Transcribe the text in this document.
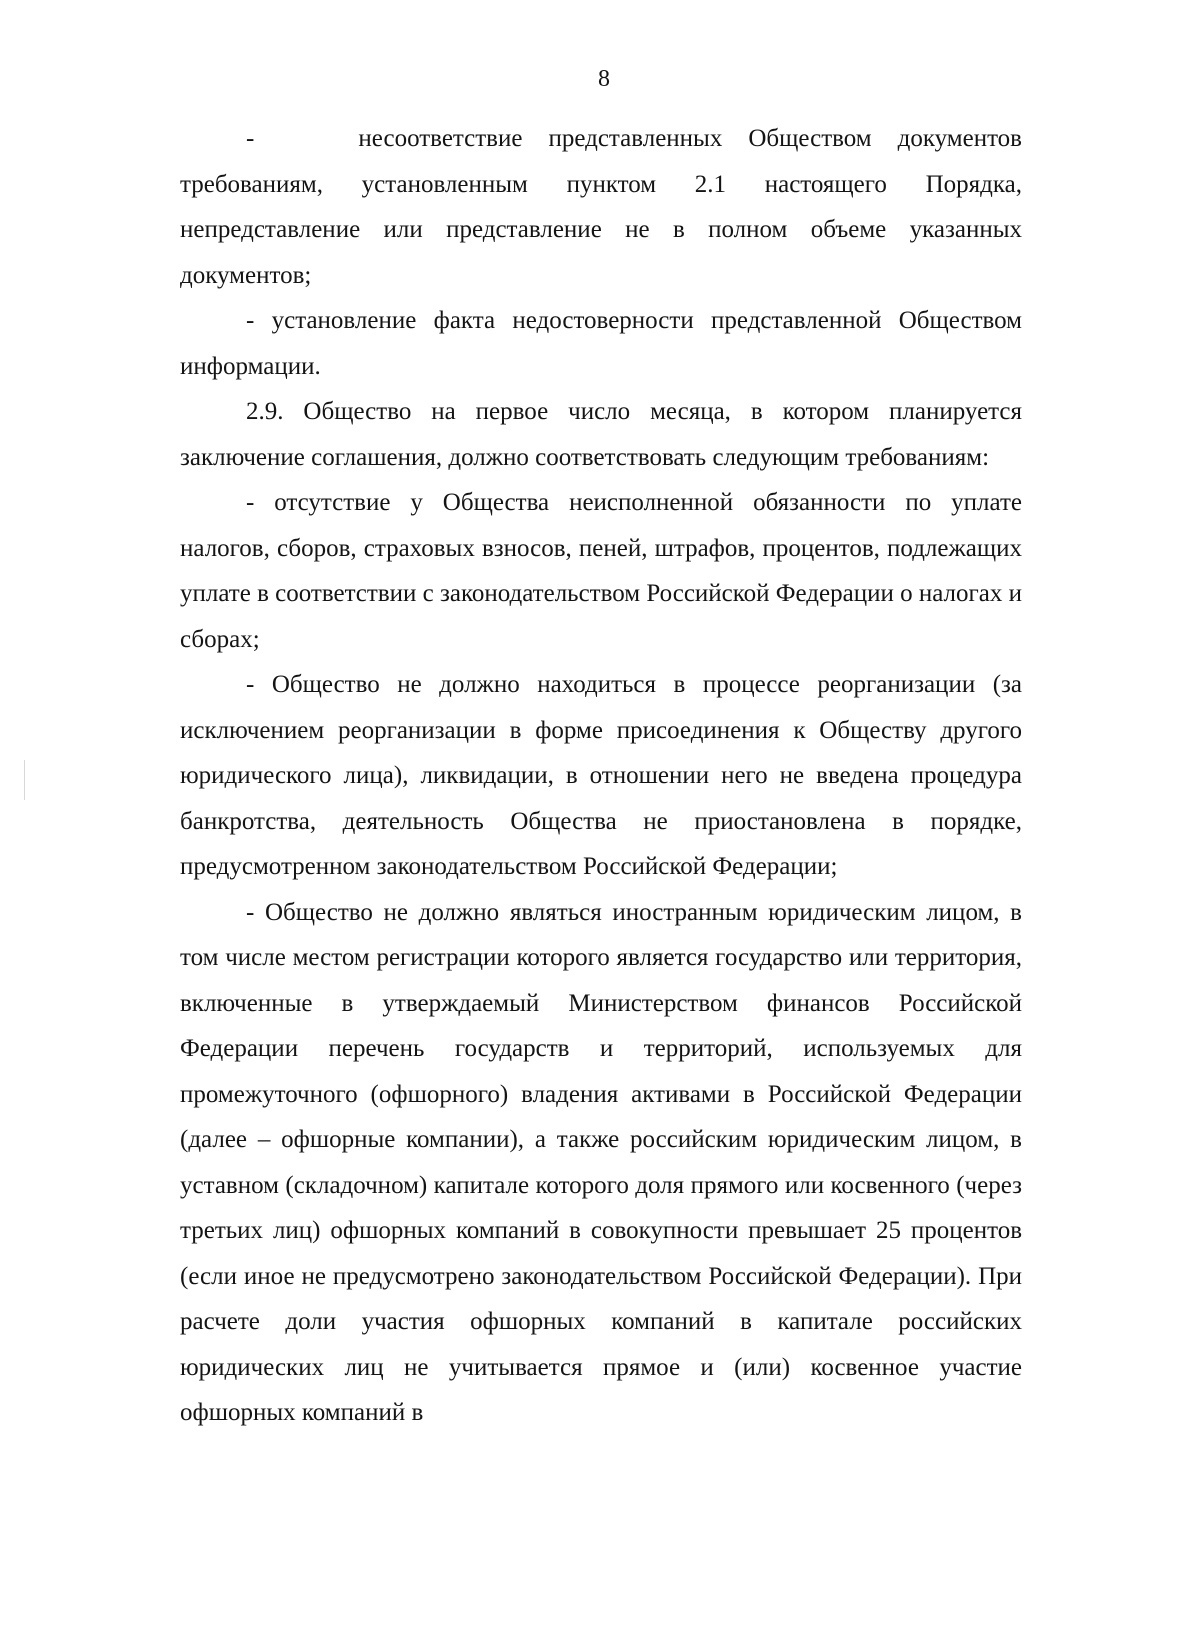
8

-    несоответствие представленных Обществом документов требованиям, установленным пунктом 2.1 настоящего Порядка, непредставление или представление не в полном объеме указанных документов;

- установление факта недостоверности представленной Обществом информации.

2.9. Общество на первое число месяца, в котором планируется заключение соглашения, должно соответствовать следующим требованиям:

- отсутствие у Общества неисполненной обязанности по уплате налогов, сборов, страховых взносов, пеней, штрафов, процентов, подлежащих уплате в соответствии с законодательством Российской Федерации о налогах и сборах;

- Общество не должно находиться в процессе реорганизации (за исключением реорганизации в форме присоединения к Обществу другого юридического лица), ликвидации, в отношении него не введена процедура банкротства, деятельность Общества не приостановлена в порядке, предусмотренном законодательством Российской Федерации;

- Общество не должно являться иностранным юридическим лицом, в том числе местом регистрации которого является государство или территория, включенные в утверждаемый Министерством финансов Российской Федерации перечень государств и территорий, используемых для промежуточного (офшорного) владения активами в Российской Федерации (далее – офшорные компании), а также российским юридическим лицом, в уставном (складочном) капитале которого доля прямого или косвенного (через третьих лиц) офшорных компаний в совокупности превышает 25 процентов (если иное не предусмотрено законодательством Российской Федерации). При расчете доли участия офшорных компаний в капитале российских юридических лиц не учитывается прямое и (или) косвенное участие офшорных компаний в
